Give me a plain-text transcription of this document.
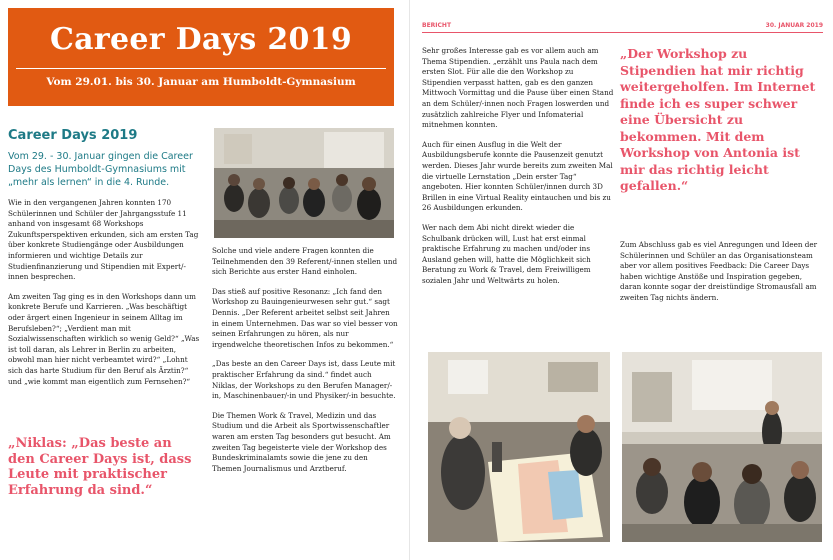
Career Days 2019
Vom 29.01. bis 30. Januar am Humboldt-Gymnasium
Career Days 2019
Vom 29. - 30. Januar gingen die Career Days des Humboldt-Gymnasiums mit „mehr als lernen“ in die 4. Runde.

Wie in den vergangenen Jahren konnten 170 Schülerinnen und Schüler der Jahrgangsstufe 11 anhand von insgesamt 68 Workshops Zukunftsperspektiven erkunden, sich am ersten Tag über konkrete Studiengänge oder Ausbildungen informieren und wichtige Details zur Studienfinanzierung und Stipendien mit Expert/-innen besprechen.

Am zweiten Tag ging es in den Workshops dann um konkrete Berufe und Karrieren. „Was beschäftigt oder ärgert einen Ingenieur in seinem Alltag im Berufsleben?“; „Verdient man mit Sozialwissenschaften wirklich so wenig Geld?“ „Was ist toll daran, als Lehrer in Berlin zu arbeiten, obwohl man hier nicht verbeamtet wird?“ „Lohnt sich das harte Studium für den Beruf als Ärztin?“ und „wie kommt man eigentlich zum Fernsehen?“

„Niklas: „Das beste an den Career Days ist, dass Leute mit praktischer Erfahrung da sind.“

Solche und viele andere Fragen konnten die Teilnehmenden den 39 Referent/-innen stellen und sich Berichte aus erster Hand einholen.

Das stieß auf positive Resonanz: „Ich fand den Workshop zu Bauingenieurwesen sehr gut.“ sagt Dennis. „Der Referent arbeitet selbst seit Jahren in einem Unternehmen. Das war so viel besser von seinen Erfahrungen zu hören, als nur irgendwelche theoretischen Infos zu bekommen.“

„Das beste an den Career Days ist, dass Leute mit praktischer Erfahrung da sind.“ findet auch Niklas, der Workshops zu den Berufen Manager/-in, Maschinenbauer/-in und Physiker/-in besuchte.

Die Themen Work & Travel, Medizin und das Studium und die Arbeit als Sportwissenschaftler waren am ersten Tag besonders gut besucht. Am zweiten Tag begeisterte viele der Workshop des Bundeskriminalamts sowie die jene zu den Themen Journalismus und Arztberuf.

BERICHT	30. JANUAR 2019

Sehr großes Interesse gab es vor allem auch am Thema Stipendien. „erzählt uns Paula nach dem ersten Slot. Für alle die den Workshop zu Stipendien verpasst hatten, gab es den ganzen Mittwoch Vormittag und die Pause über einen Stand an dem Schüler/-innen noch Fragen loswerden und zusätzlich zahlreiche Flyer und Infomaterial mitnehmen konnten.

Auch für einen Ausflug in die Welt der Ausbildungsberufe konnte die Pausenzeit genutzt werden. Dieses Jahr wurde bereits zum zweiten Mal die virtuelle Lernstation „Dein erster Tag“ angeboten. Hier konnten Schüler/innen durch 3D Brillen in eine Virtual Reality eintauchen und bis zu 26 Ausbildungen erkunden.

Wer nach dem Abi nicht direkt wieder die Schulbank drücken will, Lust hat erst einmal praktische Erfahrung zu machen und/oder ins Ausland gehen will, hatte die Möglichkeit sich Beratung zu Work & Travel, dem Freiwilligem sozialen Jahr und Weltwärts zu holen.

„Der Workshop zu Stipendien hat mir richtig weitergeholfen. Im Internet finde ich es super schwer eine Übersicht zu bekommen. Mit dem Workshop von Antonia ist mir das richtig leicht gefallen.“

Zum Abschluss gab es viel Anregungen und Ideen der Schülerinnen und Schüler an das Organisationsteam aber vor allem positives Feedback: Die Career Days haben wichtige Anstöße und Inspiration gegeben, daran konnte sogar der dreistündige Stromausfall am zweiten Tag nichts ändern.
